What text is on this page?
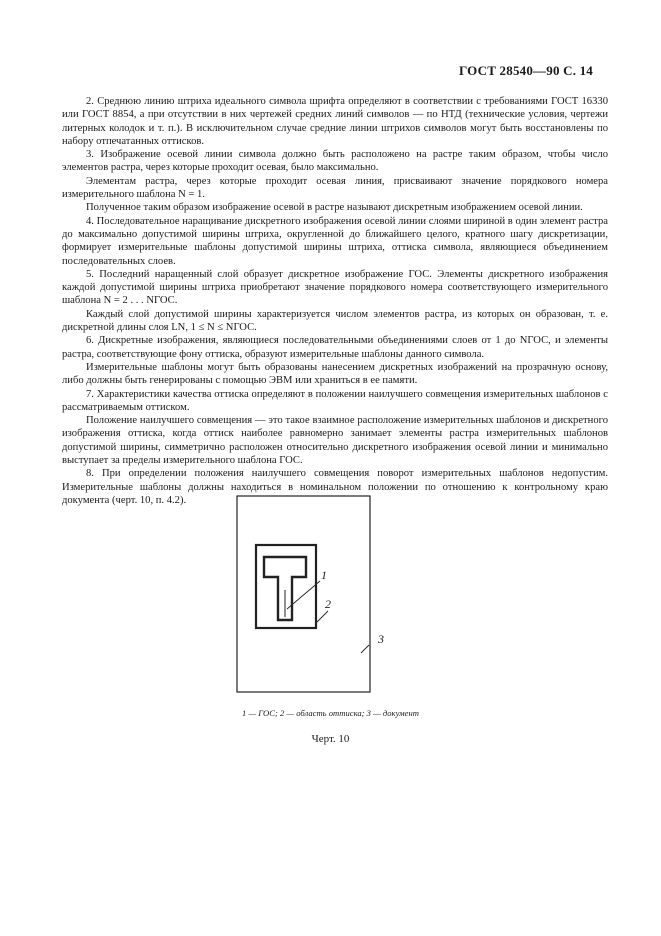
ГОСТ 28540—90 С. 14

2. Среднюю линию штриха идеального символа шрифта определяют в соответствии с требованиями ГОСТ 16330 или ГОСТ 8854, а при отсутствии в них чертежей средних линий символов — по НТД (технические условия, чертежи литерных колодок и т. п.). В исключительном случае средние линии штрихов символов могут быть восстановлены по набору отпечатанных оттисков.

3. Изображение осевой линии символа должно быть расположено на растре таким образом, чтобы число элементов растра, через которые проходит осевая, было максимально.

Элементам растра, через которые проходит осевая линия, присваивают значение порядкового номера измерительного шаблона N = 1.

Полученное таким образом изображение осевой в растре называют дискретным изображением осевой линии.

4. Последовательное наращивание дискретного изображения осевой линии слоями шириной в один элемент растра до максимально допустимой ширины штриха, округленной до ближайшего целого, кратного шагу дискретизации, формирует измерительные шаблоны допустимой ширины штриха, оттиска символа, являющиеся объединением последовательных слоев.

5. Последний наращенный слой образует дискретное изображение ГОС. Элементы дискретного изображения каждой допустимой ширины штриха приобретают значение порядкового номера соответствующего измерительного шаблона N = 2 . . . NГОС.

Каждый слой допустимой ширины характеризуется числом элементов растра, из которых он образован, т. е. дискретной длины слоя LN, 1 ≤ N ≤ NГОС.

6. Дискретные изображения, являющиеся последовательными объединениями слоев от 1 до NГОС, и элементы растра, соответствующие фону оттиска, образуют измерительные шаблоны данного символа.

Измерительные шаблоны могут быть образованы нанесением дискретных изображений на прозрачную основу, либо должны быть генерированы с помощью ЭВМ или храниться в ее памяти.

7. Характеристики качества оттиска определяют в положении наилучшего совмещения измерительных шаблонов с рассматриваемым оттиском.

Положение наилучшего совмещения — это такое взаимное расположение измерительных шаблонов и дискретного изображения оттиска, когда оттиск наиболее равномерно занимает элементы растра измерительных шаблонов допустимой ширины, симметрично расположен относительно дискретного изображения осевой линии и минимально выступает за пределы измерительного шаблона ГОС.

8. При определении положения наилучшего совмещения поворот измерительных шаблонов недопустим. Измерительные шаблоны должны находиться в номинальном положении по отношению к контрольному краю документа (черт. 10, п. 4.2).

1
2
3
1 — ГОС; 2 — область оттиска; 3 — документ
Черт. 10
